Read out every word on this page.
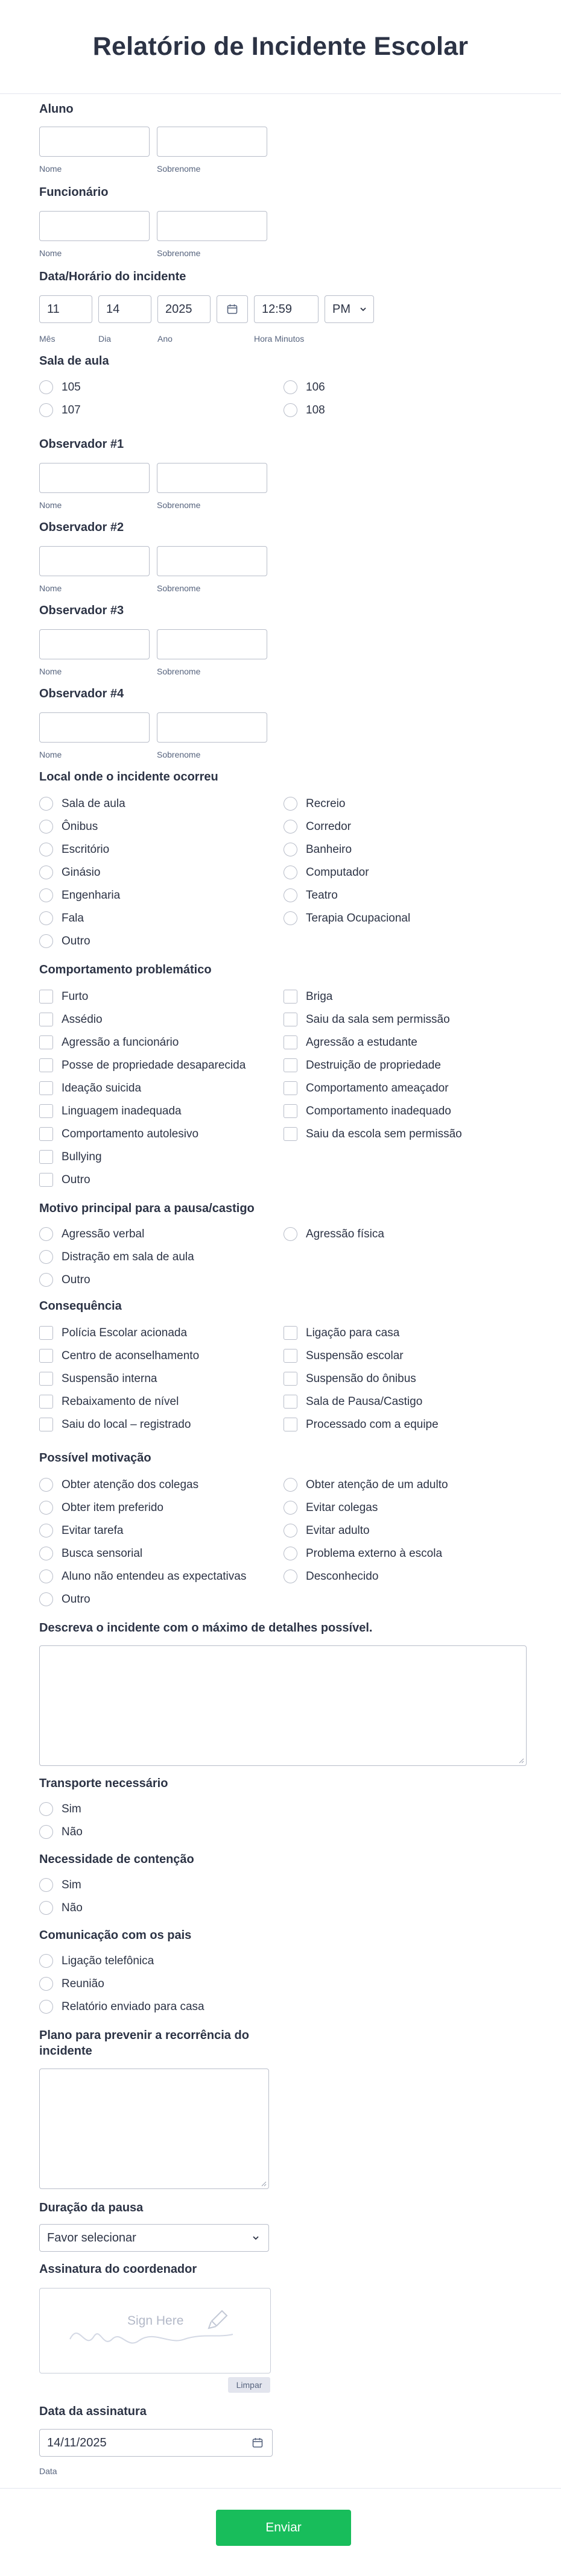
Relatório de Incidente Escolar
Aluno
Nome	Sobrenome
Funcionário
Nome	Sobrenome
Data/Horário do incidente
11	14	2025	12:59	PM
Mês	Dia	Ano	Hora Minutos
Sala de aula
105	106
107	108
Observador #1
Nome	Sobrenome
Observador #2
Nome	Sobrenome
Observador #3
Nome	Sobrenome
Observador #4
Nome	Sobrenome
Local onde o incidente ocorreu
Sala de aula	Recreio
Ônibus	Corredor
Escritório	Banheiro
Ginásio	Computador
Engenharia	Teatro
Fala	Terapia Ocupacional
Outro
Comportamento problemático
Furto	Briga
Assédio	Saiu da sala sem permissão
Agressão a funcionário	Agressão a estudante
Posse de propriedade desaparecida	Destruição de propriedade
Ideação suicida	Comportamento ameaçador
Linguagem inadequada	Comportamento inadequado
Comportamento autolesivo	Saiu da escola sem permissão
Bullying
Outro
Motivo principal para a pausa/castigo
Agressão verbal	Agressão física
Distração em sala de aula
Outro
Consequência
Polícia Escolar acionada	Ligação para casa
Centro de aconselhamento	Suspensão escolar
Suspensão interna	Suspensão do ônibus
Rebaixamento de nível	Sala de Pausa/Castigo
Saiu do local – registrado	Processado com a equipe
Possível motivação
Obter atenção dos colegas	Obter atenção de um adulto
Obter item preferido	Evitar colegas
Evitar tarefa	Evitar adulto
Busca sensorial	Problema externo à escola
Aluno não entendeu as expectativas	Desconhecido
Outro
Descreva o incidente com o máximo de detalhes possível.
Transporte necessário
Sim
Não
Necessidade de contenção
Sim
Não
Comunicação com os pais
Ligação telefônica
Reunião
Relatório enviado para casa
Plano para prevenir a recorrência do incidente
Duração da pausa
Favor selecionar
Assinatura do coordenador
Sign Here
Limpar
Data da assinatura
14/11/2025
Data
Enviar
